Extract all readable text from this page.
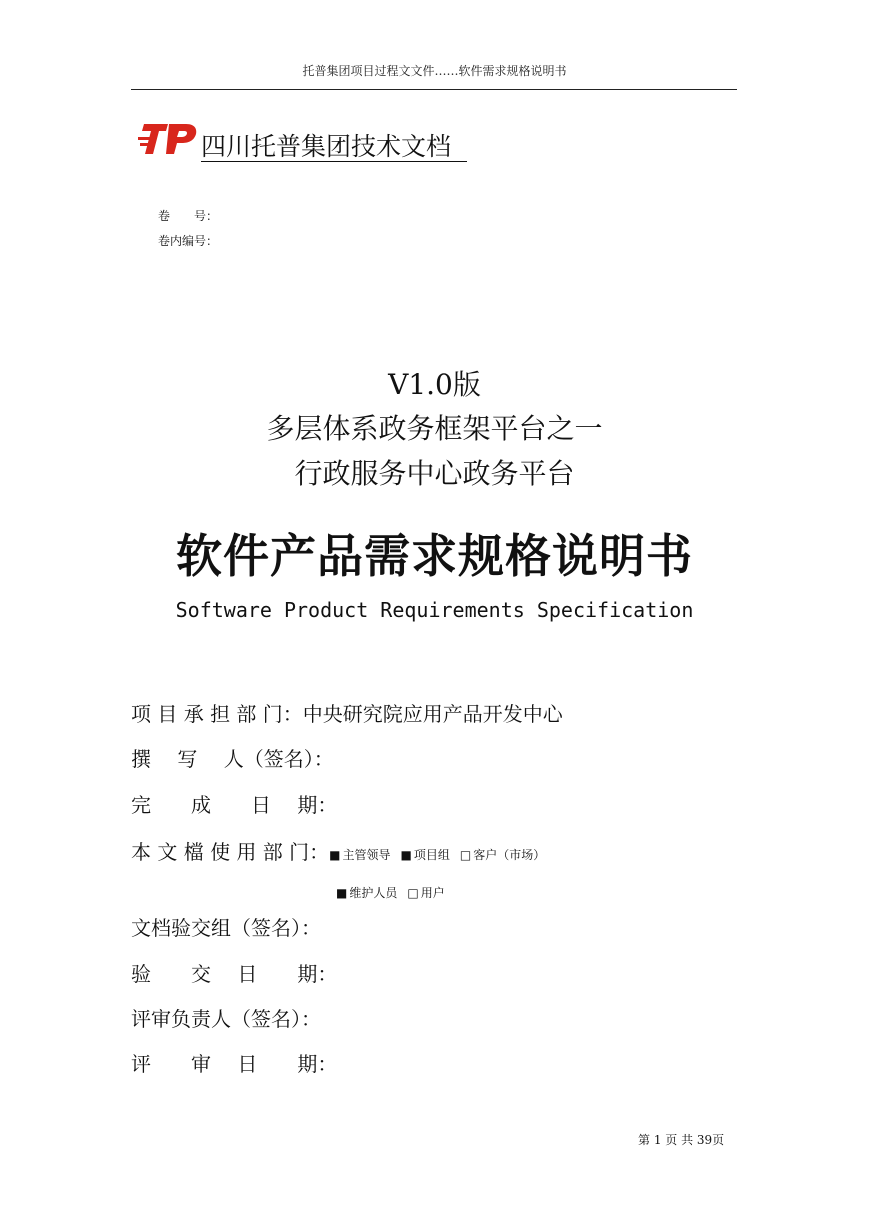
托普集团项目过程文文件……软件需求规格说明书
四川托普集团技术文档
卷　　号：
卷内编号：
V1.0版
多层体系政务框架平台之一
行政服务中心政务平台
软件产品需求规格说明书
Software Product Requirements Specification
项 目 承 担 部 门：中央研究院应用产品开发中心
撰　 写　 人（签名）：
完　　成　　日　 期：
本 文 檔 使 用 部 门：■ 主管领导 ■ 项目组 □ 客户（市场）
■ 维护人员 □ 用户
文档验交组（签名）：
验　　交　 日　　期：
评审负责人（签名）：
评　　审　 日　　期：
第 1 页 共 39页
